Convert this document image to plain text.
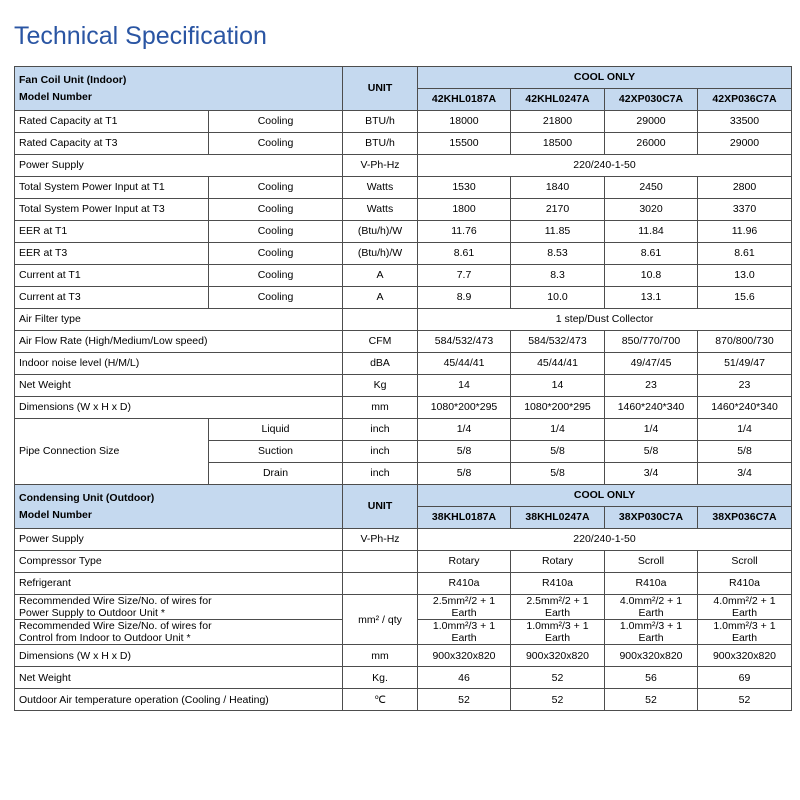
Technical Specification
Fan Coil Unit (Indoor)
Model Number		UNIT	COOL ONLY			
			42KHL0187A	42KHL0247A	42XP030C7A	42XP036C7A
Rated Capacity at T1	Cooling	BTU/h	18000	21800	29000	33500
Rated Capacity at T3	Cooling	BTU/h	15500	18500	26000	29000
Power Supply		V-Ph-Hz	220/240-1-50			
Total System Power Input at T1	Cooling	Watts	1530	1840	2450	2800
Total System Power Input at T3	Cooling	Watts	1800	2170	3020	3370
EER at T1	Cooling	(Btu/h)/W	11.76	11.85	11.84	11.96
EER at T3	Cooling	(Btu/h)/W	8.61	8.53	8.61	8.61
Current at T1	Cooling	A	7.7	8.3	10.8	13.0
Current at T3	Cooling	A	8.9	10.0	13.1	15.6
Air Filter type			1 step/Dust Collector			
Air Flow Rate (High/Medium/Low speed)		CFM	584/532/473	584/532/473	850/770/700	870/800/730
Indoor noise level (H/M/L)		dBA	45/44/41	45/44/41	49/47/45	51/49/47
Net Weight		Kg	14	14	23	23
Dimensions (W x H x D)		mm	1080*200*295	1080*200*295	1460*240*340	1460*240*340
Pipe Connection Size	Liquid	inch	1/4	1/4	1/4	1/4
	Suction	inch	5/8	5/8	5/8	5/8
	Drain	inch	5/8	5/8	3/4	3/4

Condensing Unit (Outdoor)
Model Number		UNIT	COOL ONLY			
			38KHL0187A	38KHL0247A	38XP030C7A	38XP036C7A
Power Supply		V-Ph-Hz	220/240-1-50			
Compressor Type			Rotary	Rotary	Scroll	Scroll
Refrigerant			R410a	R410a	R410a	R410a

Recommended Wire Size/No. of wires for
Power Supply to Outdoor Unit *		mm² / qty	2.5mm²/2 + 1 Earth	2.5mm²/2 + 1 Earth	4.0mm²/2 + 1 Earth	4.0mm²/2 + 1 Earth

Recommended Wire Size/No. of wires for
Control from Indoor to Outdoor Unit *			1.0mm²/3 + 1 Earth	1.0mm²/3 + 1 Earth	1.0mm²/3 + 1 Earth	1.0mm²/3 + 1 Earth
Dimensions (W x H x D)		mm	900x320x820	900x320x820	900x320x820	900x320x820
Net Weight		Kg.	46	52	56	69
Outdoor Air temperature operation (Cooling / Heating)		℃	52	52	52	52
